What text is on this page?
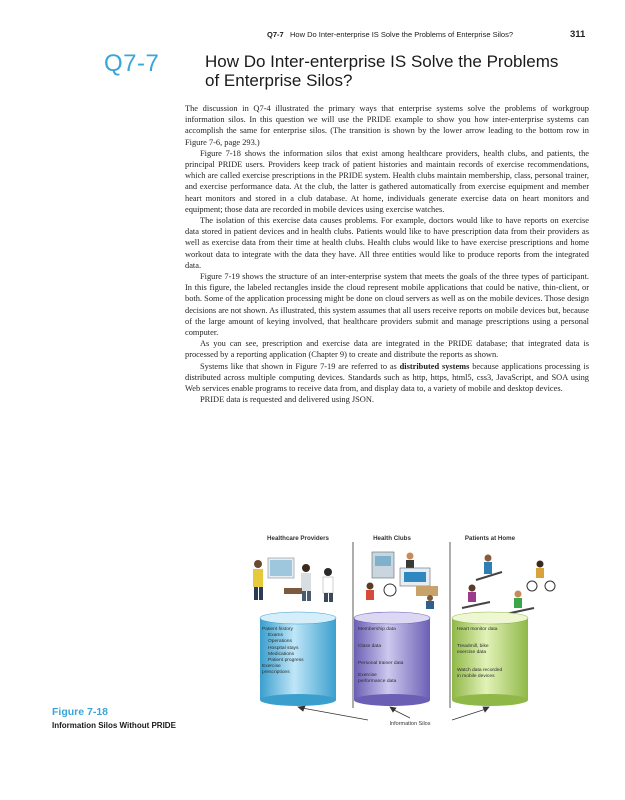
Q7-7 How Do Inter-enterprise IS Solve the Problems of Enterprise Silos?	311
Q7-7	How Do Inter-enterprise IS Solve the Problems
of Enterprise Silos?

The discussion in Q7-4 illustrated the primary ways that enterprise systems solve the problems of workgroup information silos. In this question we will use the PRIDE example to show you how inter-enterprise systems can accomplish the same for enterprise silos. (The transition is shown by the lower arrow leading to the bottom row in Figure 7-6, page 293.)

Figure 7-18 shows the information silos that exist among healthcare providers, health clubs, and patients, the principal PRIDE users. Providers keep track of patient histories and maintain records of exercise recommendations, which are called exercise prescriptions in the PRIDE system. Health clubs maintain membership, class, personal trainer, and exercise performance data. At the club, the latter is gathered automatically from exercise equipment and member heart monitors and stored in a club database. At home, individuals generate exercise data on heart monitors and equipment; those data are recorded in mobile devices using exercise watches.

The isolation of this exercise data causes problems. For example, doctors would like to have reports on exercise data stored in patient devices and in health clubs. Patients would like to have prescription data from their providers as well as exercise data from their time at health clubs. Health clubs would like to have exercise prescriptions and home workout data to integrate with the data they have. All three entities would like to produce reports from the integrated data.

Figure 7-19 shows the structure of an inter-enterprise system that meets the goals of the three types of participant. In this figure, the labeled rectangles inside the cloud represent mobile applications that could be native, thin-client, or both. Some of the application processing might be done on cloud servers as well as on the mobile devices. Those design decisions are not shown. As illustrated, this system assumes that all users receive reports on mobile devices but, because of the large amount of keying involved, that healthcare providers submit and manage prescriptions using a personal computer.

As you can see, prescription and exercise data are integrated in the PRIDE database; that integrated data is processed by a reporting application (Chapter 9) to create and distribute the reports as shown.

Systems like that shown in Figure 7-19 are referred to as distributed systems because applications processing is distributed across multiple computing devices. Standards such as http, https, html5, css3, JavaScript, and SOA using Web services enable programs to receive data from, and display data to, a variety of mobile and desktop devices.

PRIDE data is requested and delivered using JSON.

Figure 7-18
Information Silos Without PRIDE
Healthcare Providers	Health Clubs	Patients at Home
Patient history
Exams
Operations
Hospital stays
Medications
Patient progress
Exercise
prescriptions
Membership data
Class data
Personal trainer data
Exercise
performance data
Heart monitor data
Treadmill, bike
exercise data
Watch data recorded
in mobile devices
Information Silos
